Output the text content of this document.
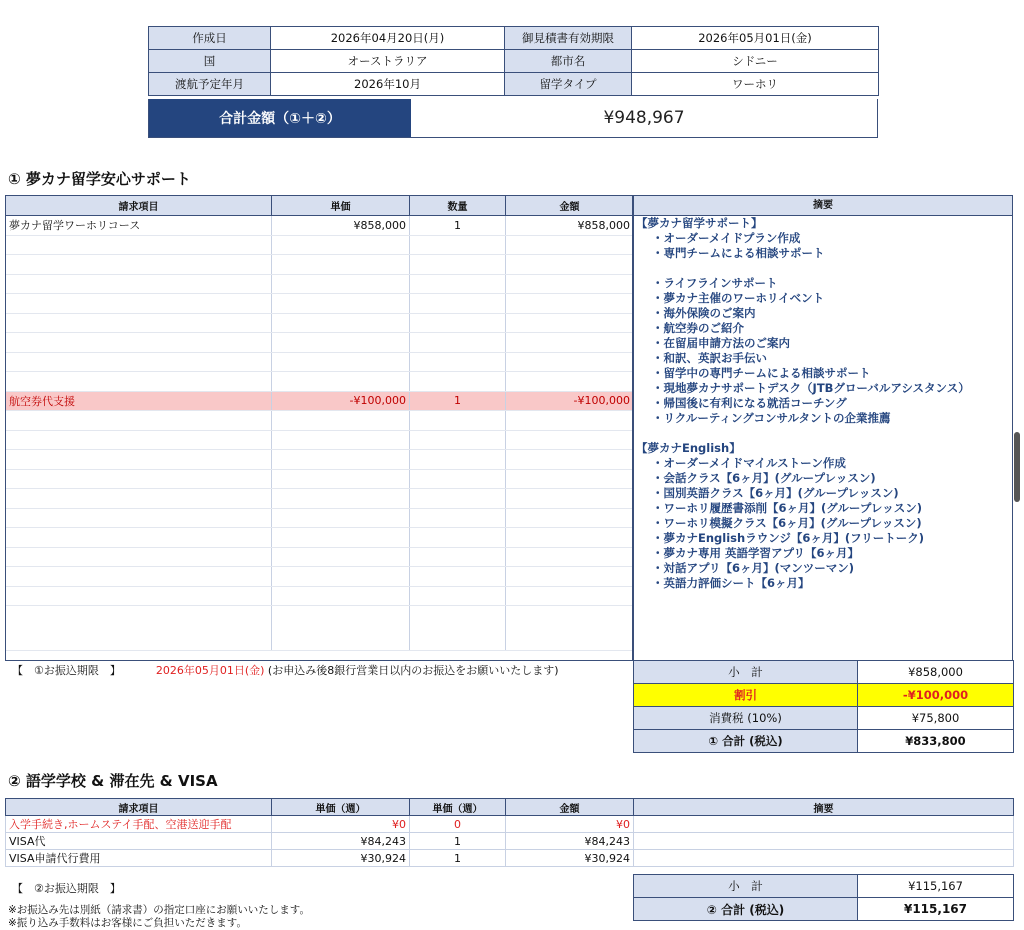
作成日	2026年04月20日(月)	御見積書有効期限	2026年05月01日(金)
国	オーストラリア	都市名	シドニー
渡航予定年月	2026年10月	留学タイプ	ワーホリ
合計金額（①＋②）	¥948,967
① 夢カナ留学安心サポート
請求項目	単価	数量	金額
夢カナ留学ワーホリコース	¥858,000	1	¥858,000

航空券代支援	-¥100,000	1	-¥100,000

摘要
【夢カナ留学サポート】
・オーダーメイドプラン作成
・専門チームによる相談サポート
・ライフラインサポート
・夢カナ主催のワーホリイベント
・海外保険のご案内
・航空券のご紹介
・在留届申請方法のご案内
・和訳、英訳お手伝い
・留学中の専門チームによる相談サポート
・現地夢カナサポートデスク（JTBグローバルアシスタンス）
・帰国後に有利になる就活コーチング
・リクルーティングコンサルタントの企業推薦
【夢カナEnglish】
・オーダーメイドマイルストーン作成
・会話クラス【6ヶ月】(グループレッスン)
・国別英語クラス【6ヶ月】(グループレッスン)
・ワーホリ履歴書添削【6ヶ月】(グループレッスン)
・ワーホリ模擬クラス【6ヶ月】(グループレッスン)
・夢カナEnglishラウンジ【6ヶ月】(フリートーク)
・夢カナ専用 英語学習アプリ【6ヶ月】
・対話アプリ【6ヶ月】(マンツーマン)
・英語力評価シート【6ヶ月】
【　①お振込期限　】	2026年05月01日(金) (お申込み後8銀行営業日以内のお振込をお願いいたします)	小　計	¥858,000
割引	-¥100,000
消費税 (10%)	¥75,800
① 合計 (税込)	¥833,800
② 語学学校 & 滞在先 & VISA
請求項目	単価（週）	単価（週）	金額	摘要
入学手続き,ホームステイ手配、空港送迎手配	¥0	0	¥0	
VISA代	¥84,243	1	¥84,243	
VISA申請代行費用	¥30,924	1	¥30,924	
【　②お振込期限　】
※お振込み先は別紙（請求書）の指定口座にお願いいたします。
※振り込み手数料はお客様にご負担いただきます。
小　計	¥115,167
② 合計 (税込)	¥115,167
